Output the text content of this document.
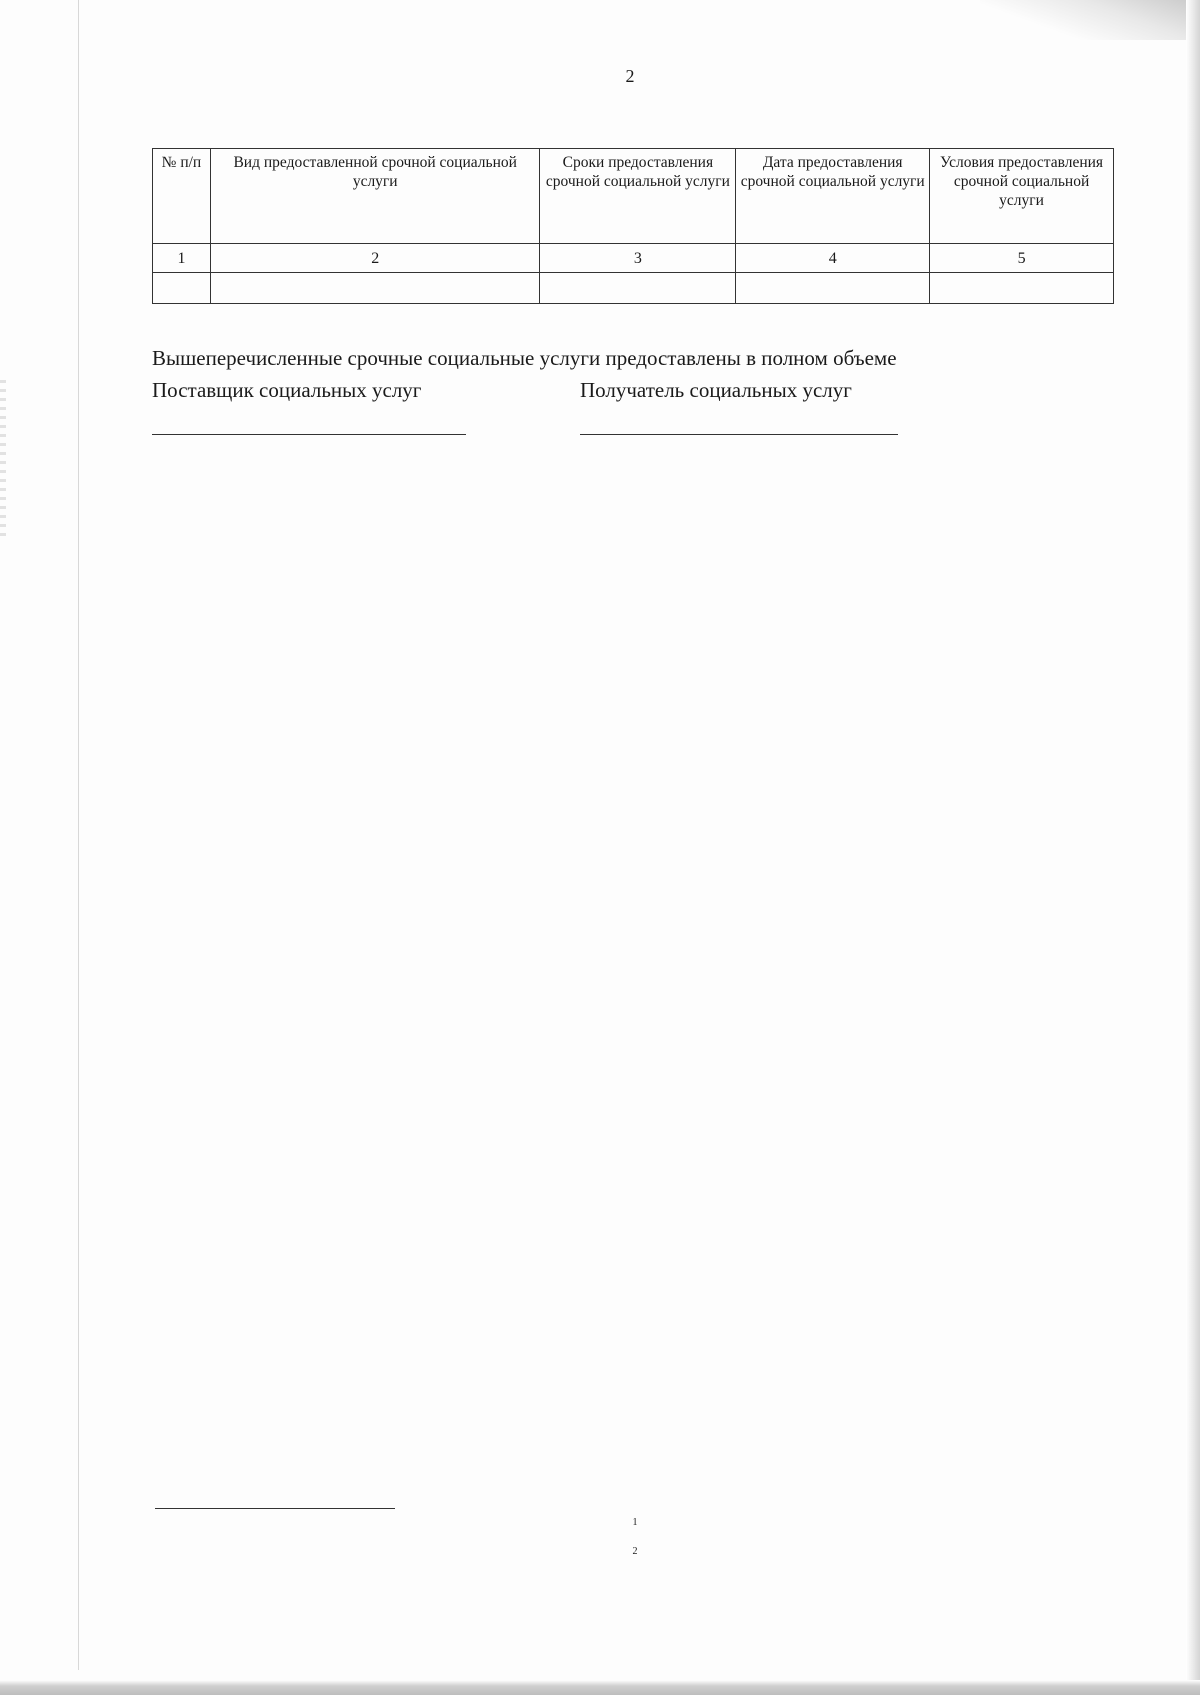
2
№ п/п	Вид предоставленной срочной социальной услуги	Сроки предоставления срочной социальной услуги	Дата предоставления срочной социальной услуги	Условия предоставления срочной социальной услуги
1	2	3	4	5

Вышеперечисленные срочные социальные услуги предоставлены в полном объеме
Поставщик социальных услуг	Получатель социальных услуг
1
2
